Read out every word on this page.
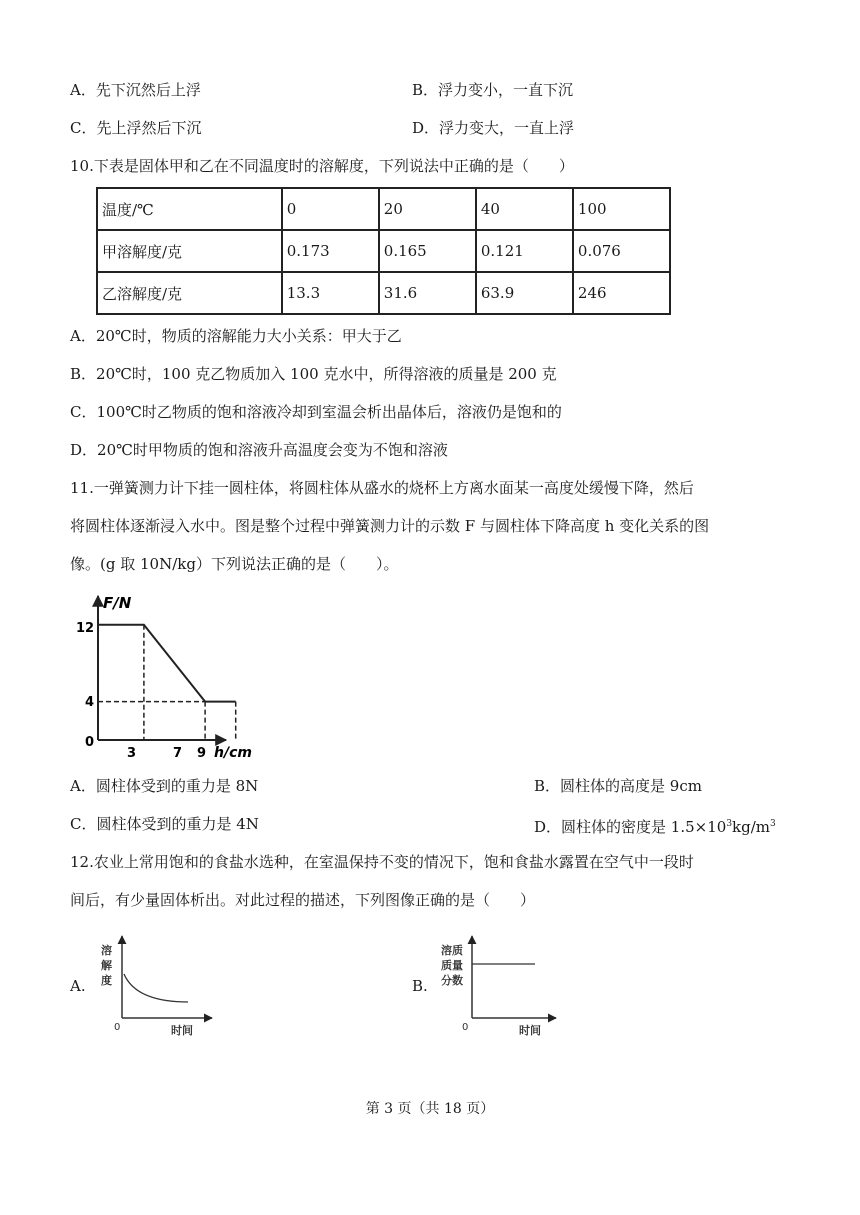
A．先下沉然后上浮	B．浮力变小，一直下沉
C．先上浮然后下沉	D．浮力变大，一直上浮
10.下表是固体甲和乙在不同温度时的溶解度，下列说法中正确的是（　　）
温度/℃	0	20	40	100
甲溶解度/克	0.173	0.165	0.121	0.076
乙溶解度/克	13.3	31.6	63.9	246
A．20℃时，物质的溶解能力大小关系：甲大于乙
B．20℃时，100 克乙物质加入 100 克水中，所得溶液的质量是 200 克
C．100℃时乙物质的饱和溶液冷却到室温会析出晶体后，溶液仍是饱和的
D．20℃时甲物质的饱和溶液升高温度会变为不饱和溶液
11.一弹簧测力计下挂一圆柱体，将圆柱体从盛水的烧杯上方离水面某一高度处缓慢下降，然后
将圆柱体逐渐浸入水中。图是整个过程中弹簧测力计的示数 F 与圆柱体下降高度 h 变化关系的图
像。(g 取 10N/kg）下列说法正确的是（　　）。
F/N
h/cm
0
12
4
3	7 9
A．圆柱体受到的重力是 8N	B．圆柱体的高度是 9cm
C．圆柱体受到的重力是 4N	D．圆柱体的密度是 $1.5\times 10^3kg/m^3$
12.农业上常用饱和的食盐水选种，在室温保持不变的情况下，饱和食盐水露置在空气中一段时
间后，有少量固体析出。对此过程的描述，下列图像正确的是（　　）
A.
溶
解
度
0	时间
B.
溶质
质量
分数
0	时间
第 3 页（共 18 页）
